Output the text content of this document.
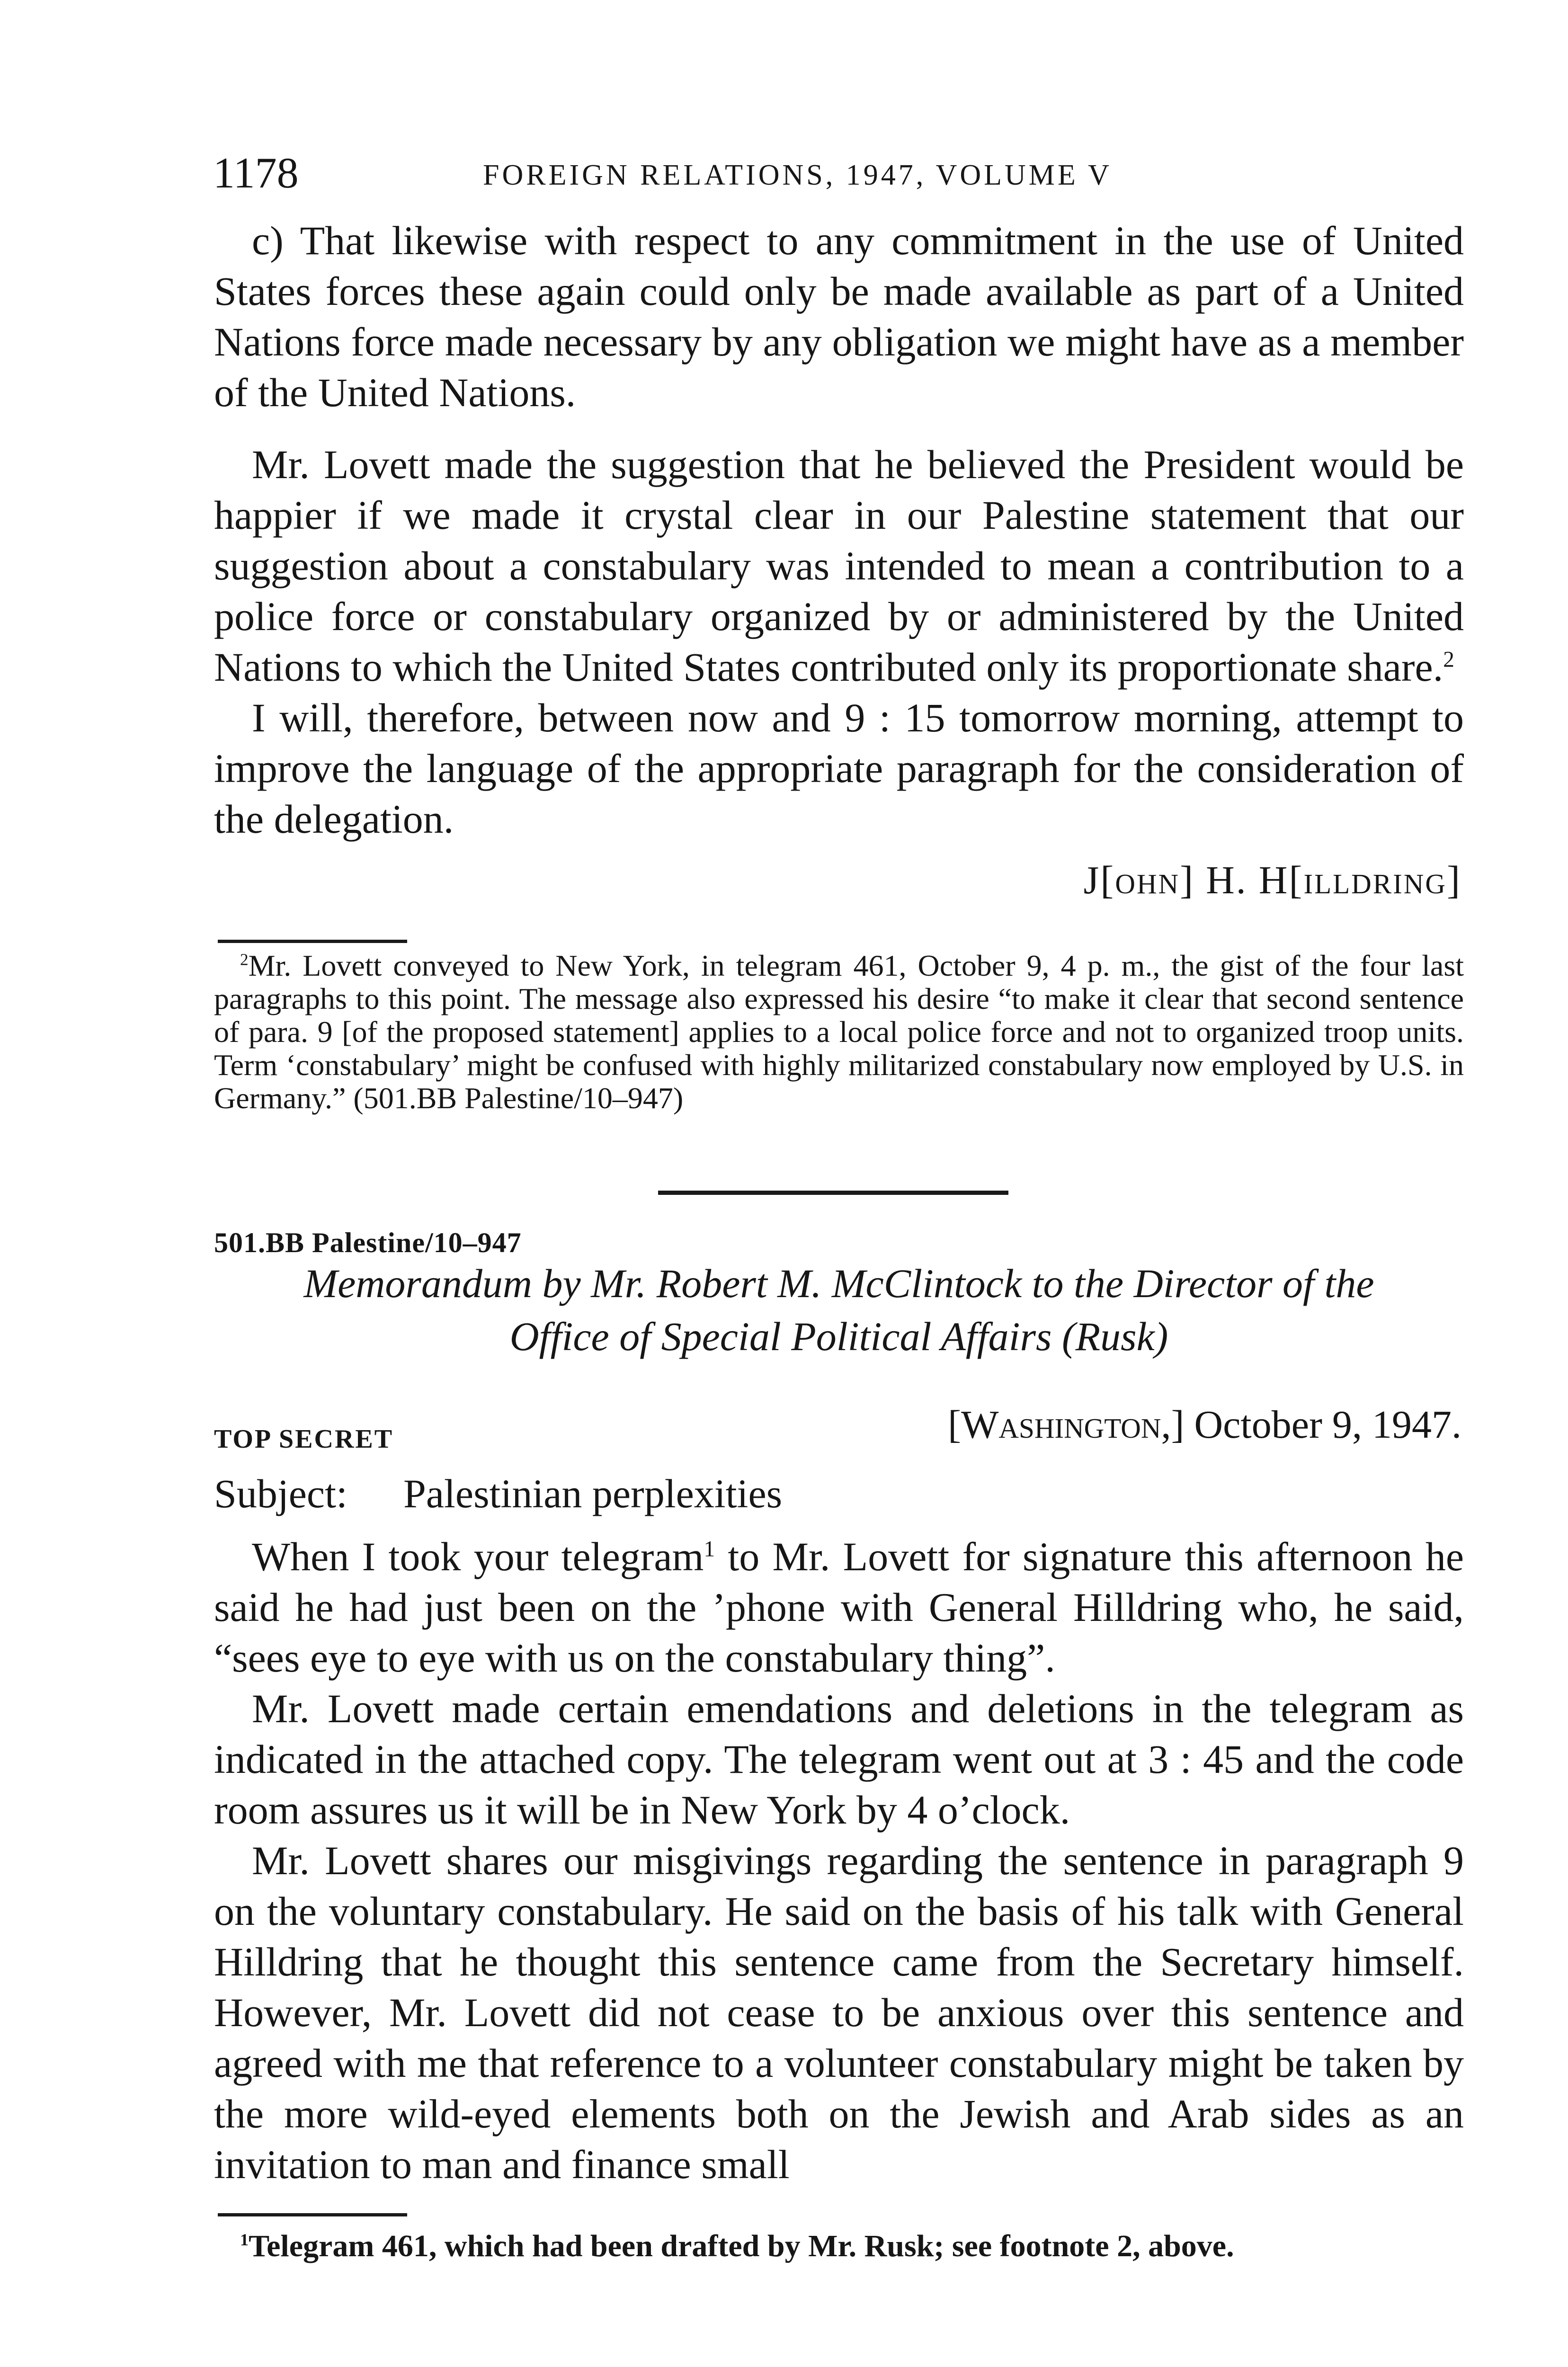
1178	FOREIGN RELATIONS, 1947, VOLUME V

c) That likewise with respect to any commitment in the use of United States forces these again could only be made available as part of a United Nations force made necessary by any obligation we might have as a member of the United Nations.

Mr. Lovett made the suggestion that he believed the President would be happier if we made it crystal clear in our Palestine statement that our suggestion about a constabulary was intended to mean a contribution to a police force or constabulary organized by or administered by the United Nations to which the United States contributed only its proportionate share.$^2$

I will, therefore, between now and 9 : 15 tomorrow morning, attempt to improve the language of the appropriate paragraph for the consideration of the delegation.

J[ohn] H. H[illdring]

$^2$Mr. Lovett conveyed to New York, in telegram 461, October 9, 4 p. m., the gist of the four last paragraphs to this point. The message also expressed his desire “to make it clear that second sentence of para. 9 [of the proposed statement] applies to a local police force and not to organized troop units. Term ‘constabulary’ might be confused with highly militarized constabulary now employed by U.S. in Germany.” (501.BB Palestine/10–947)

501.BB Palestine/10–947

Memorandum by Mr. Robert M. McClintock to the Director of the
Office of Special Political Affairs (Rusk)

TOP SECRET	[Washington,] October 9, 1947.
Subject: Palestinian perplexities

When I took your telegram$^1$ to Mr. Lovett for signature this afternoon he said he had just been on the ’phone with General Hilldring who, he said, “sees eye to eye with us on the constabulary thing”.

Mr. Lovett made certain emendations and deletions in the telegram as indicated in the attached copy. The telegram went out at 3 : 45 and the code room assures us it will be in New York by 4 o’clock.

Mr. Lovett shares our misgivings regarding the sentence in paragraph 9 on the voluntary constabulary. He said on the basis of his talk with General Hilldring that he thought this sentence came from the Secretary himself. However, Mr. Lovett did not cease to be anxious over this sentence and agreed with me that reference to a volunteer constabulary might be taken by the more wild-eyed elements both on the Jewish and Arab sides as an invitation to man and finance small

$^1$Telegram 461, which had been drafted by Mr. Rusk; see footnote 2, above.
